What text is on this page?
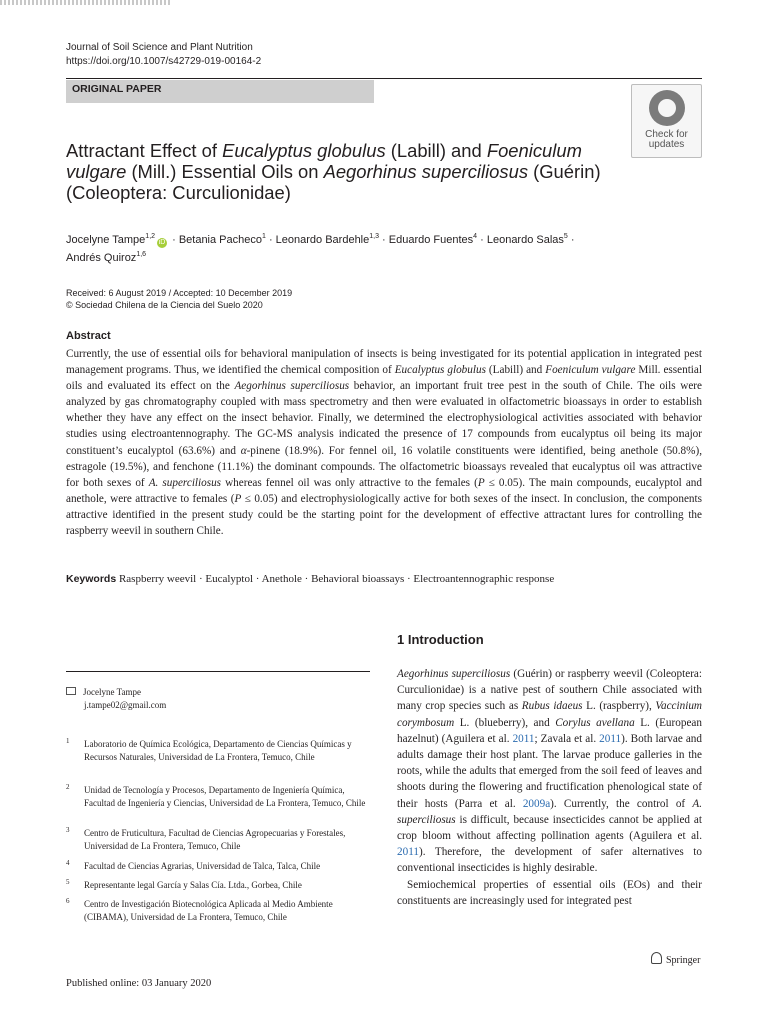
Journal of Soil Science and Plant Nutrition
https://doi.org/10.1007/s42729-019-00164-2
ORIGINAL PAPER
Check for
updates
Attractant Effect of Eucalyptus globulus (Labill) and Foeniculum vulgare (Mill.) Essential Oils on Aegorhinus superciliosus (Guérin) (Coleoptera: Curculionidae)
Jocelyne Tampe$^{1,2}$iD · Betania Pacheco$^1$ · Leonardo Bardehle$^{1,3}$ · Eduardo Fuentes$^4$ · Leonardo Salas$^5$ ·
Andrés Quiroz$^{1,6}$
Received: 6 August 2019 / Accepted: 10 December 2019
© Sociedad Chilena de la Ciencia del Suelo 2020
Abstract
Currently, the use of essential oils for behavioral manipulation of insects is being investigated for its potential application in integrated pest management programs. Thus, we identified the chemical composition of Eucalyptus globulus (Labill) and Foeniculum vulgare Mill. essential oils and evaluated its effect on the Aegorhinus superciliosus behavior, an important fruit tree pest in the south of Chile. The oils were analyzed by gas chromatography coupled with mass spectrometry and then were evaluated in olfactometric bioassays in order to establish whether they have any effect on the insect behavior. Finally, we determined the electrophysiological activities associated with behavior studies using electroantennography. The GC-MS analysis indicated the presence of 17 compounds from eucalyptus oil being its major constituent’s eucalyptol (63.6%) and α-pinene (18.9%). For fennel oil, 16 volatile constituents were identified, being anethole (50.8%), estragole (19.5%), and fenchone (11.1%) the dominant compounds. The olfactometric bioassays revealed that eucalyptus oil was attractive for both sexes of A. superciliosus whereas fennel oil was only attractive to the females (P ≤ 0.05). The main compounds, eucalyptol and anethole, were attractive to females (P ≤ 0.05) and electrophysiologically active for both sexes of the insect. In conclusion, the components attractive identified in the present study could be the starting point for the development of effective attractant lures for controlling the raspberry weevil in southern Chile.
Keywords Raspberry weevil · Eucalyptol · Anethole · Behavioral bioassays · Electroantennographic response
1 Introduction

Aegorhinus superciliosus (Guérin) or raspberry weevil (Coleoptera: Curculionidae) is a native pest of southern Chile associated with many crop species such as Rubus idaeus L. (raspberry), Vaccinium corymbosum L. (blueberry), and Corylus avellana L. (European hazelnut) (Aguilera et al. 2011; Zavala et al. 2011). Both larvae and adults damage their host plant. The larvae produce galleries in the roots, while the adults that emerged from the soil feed of leaves and shoots during the flowering and fructification phenological state of their hosts (Parra et al. 2009a). Currently, the control of A. superciliosus is difficult, because insecticides cannot be applied at crop bloom without affecting pollination agents (Aguilera et al. 2011). Therefore, the development of safer alternatives to conventional insecticides is highly desirable.

Semiochemical properties of essential oils (EOs) and their constituents are increasingly used for integrated pest

Jocelyne Tampe
j.tampe02@gmail.com
1 Laboratorio de Química Ecológica, Departamento de Ciencias Químicas y Recursos Naturales, Universidad de La Frontera, Temuco, Chile
2 Unidad de Tecnología y Procesos, Departamento de Ingeniería Química, Facultad de Ingeniería y Ciencias, Universidad de La Frontera, Temuco, Chile
3 Centro de Fruticultura, Facultad de Ciencias Agropecuarias y Forestales, Universidad de La Frontera, Temuco, Chile
4 Facultad de Ciencias Agrarias, Universidad de Talca, Talca, Chile
5 Representante legal García y Salas Cía. Ltda., Gorbea, Chile
6 Centro de Investigación Biotecnológica Aplicada al Medio Ambiente (CIBAMA), Universidad de La Frontera, Temuco, Chile
Published online: 03 January 2020
Springer
